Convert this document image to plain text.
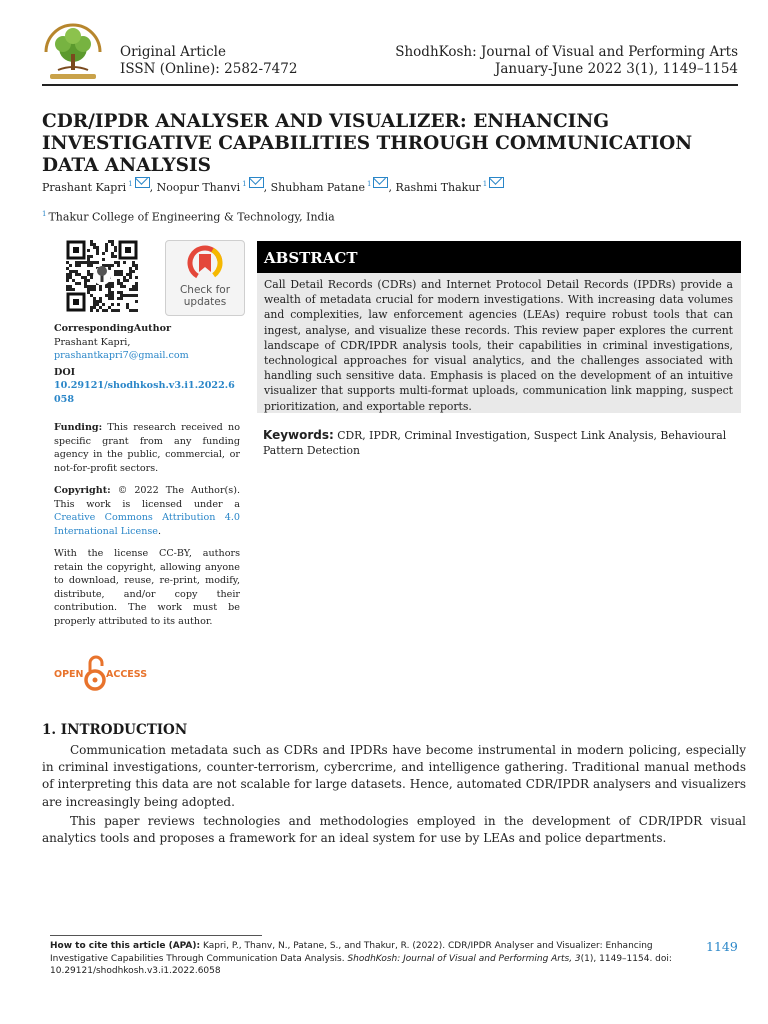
Original Article
ISSN (Online): 2582-7472
ShodhKosh: Journal of Visual and Performing Arts
January-June 2022 3(1), 1149–1154
CDR/IPDR ANALYSER AND VISUALIZER: ENHANCING INVESTIGATIVE CAPABILITIES THROUGH COMMUNICATION DATA ANALYSIS
Prashant Kapri $^1$ , Noopur Thanvi $^1$ , Shubham Patane $^1$ , Rashmi Thakur $^1$
$^1$ Thakur College of Engineering & Technology, India
Check for
updates
CorrespondingAuthor
Prashant Kapri,
prashantkapri7@gmail.com
DOI
10.29121/shodhkosh.v3.i1.2022.6058
Funding: This research received no specific grant from any funding agency in the public, commercial, or not-for-profit sectors.
Copyright: © 2022 The Author(s). This work is licensed under a Creative Commons Attribution 4.0 International License.
With the license CC-BY, authors retain the copyright, allowing anyone to download, reuse, re-print, modify, distribute, and/or copy their contribution. The work must be properly attributed to its author.
OPEN ACCESS
ABSTRACT
Call Detail Records (CDRs) and Internet Protocol Detail Records (IPDRs) provide a wealth of metadata crucial for modern investigations. With increasing data volumes and complexities, law enforcement agencies (LEAs) require robust tools that can ingest, analyse, and visualize these records. This review paper explores the current landscape of CDR/IPDR analysis tools, their capabilities in criminal investigations, technological approaches for visual analytics, and the challenges associated with handling such sensitive data. Emphasis is placed on the development of an intuitive visualizer that supports multi-format uploads, communication link mapping, suspect prioritization, and exportable reports.
Keywords: CDR, IPDR, Criminal Investigation, Suspect Link Analysis, Behavioural Pattern Detection
1. INTRODUCTION
Communication metadata such as CDRs and IPDRs have become instrumental in modern policing, especially in criminal investigations, counter-terrorism, cybercrime, and intelligence gathering. Traditional manual methods of interpreting this data are not scalable for large datasets. Hence, automated CDR/IPDR analysers and visualizers are increasingly being adopted.
This paper reviews technologies and methodologies employed in the development of CDR/IPDR visual analytics tools and proposes a framework for an ideal system for use by LEAs and police departments.
How to cite this article (APA): Kapri, P., Thanv, N., Patane, S., and Thakur, R. (2022). CDR/IPDR Analyser and Visualizer: Enhancing Investigative Capabilities Through Communication Data Analysis. ShodhKosh: Journal of Visual and Performing Arts, 3(1), 1149–1154. doi: 10.29121/shodhkosh.v3.i1.2022.6058
1149
